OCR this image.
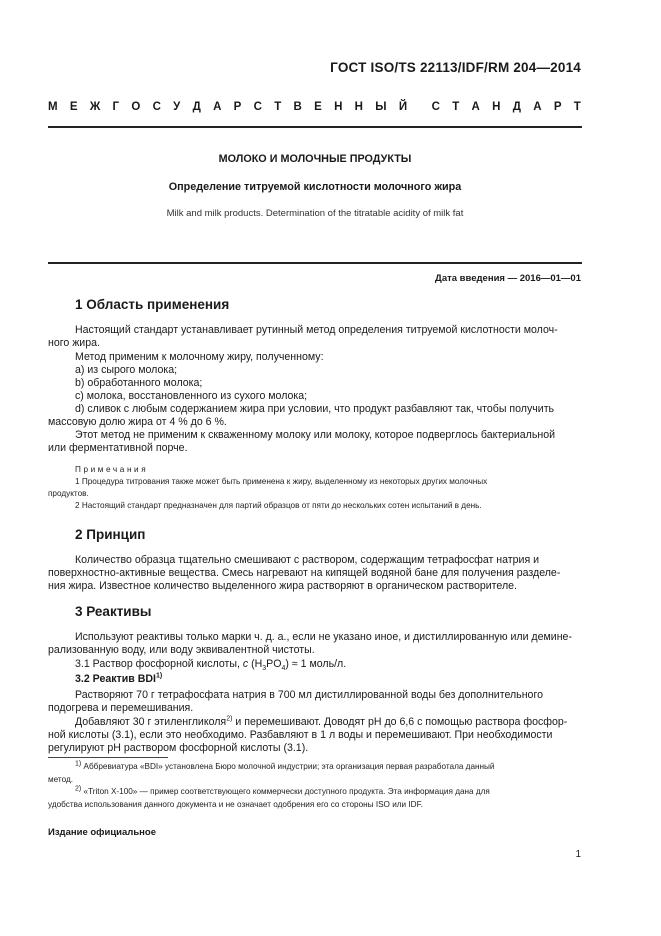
ГОСТ ISO/TS 22113/IDF/RM 204—2014
М Е Ж Г О С У Д А Р С Т В Е Н Н Ы Й С Т А Н Д А Р Т
МОЛОКО И МОЛОЧНЫЕ ПРОДУКТЫ
Определение титруемой кислотности молочного жира
Milk and milk products. Determination of the titratable acidity of milk fat
Дата введения — 2016—01—01
1 Область применения
Настоящий стандарт устанавливает рутинный метод определения титруемой кислотности молоч-
ного жира.
Метод применим к молочному жиру, полученному:
a) из сырого молока;
b) обработанного молока;
c) молока, восстановленного из сухого молока;
d) сливок с любым содержанием жира при условии, что продукт разбавляют так, чтобы получить
массовую долю жира от 4 % до 6 %.
Этот метод не применим к скваженному молоку или молоку, которое подверглось бактериальной
или ферментативной порче.
Примечания
1 Процедура титрования также может быть применена к жиру, выделенному из некоторых других молочных
продуктов.
2 Настоящий стандарт предназначен для партий образцов от пяти до нескольких сотен испытаний в день.
2 Принцип
Количество образца тщательно смешивают с раствором, содержащим тетрафосфат натрия и
поверхностно-активные вещества. Смесь нагревают на кипящей водяной бане для получения разделе-
ния жира. Известное количество выделенного жира растворяют в органическом растворителе.
3 Реактивы
Используют реактивы только марки ч. д. а., если не указано иное, и дистиллированную или демине-
рализованную воду, или воду эквивалентной чистоты.
3.1 Раствор фосфорной кислоты, c $(H_3PO_4) \approx 1$ моль/л.
3.2 Реактив BDI$^{1)}$
Растворяют 70 г тетрафосфата натрия в 700 мл дистиллированной воды без дополнительного
подогрева и перемешивания.
Добавляют 30 г этиленгликоля$^{2)}$ и перемешивают. Доводят pH до 6,6 с помощью раствора фосфор-
ной кислоты (3.1), если это необходимо. Разбавляют в 1 л воды и перемешивают. При необходимости
регулируют pH раствором фосфорной кислоты (3.1).
$^{1)}$ Аббревиатура «BDI» установлена Бюро молочной индустрии; эта организация первая разработала данный
метод.
$^{2)}$ «Triton X-100» — пример соответствующего коммерчески доступного продукта. Эта информация дана для
удобства использования данного документа и не означает одобрения его со стороны ISO или IDF.
Издание официальное
1
